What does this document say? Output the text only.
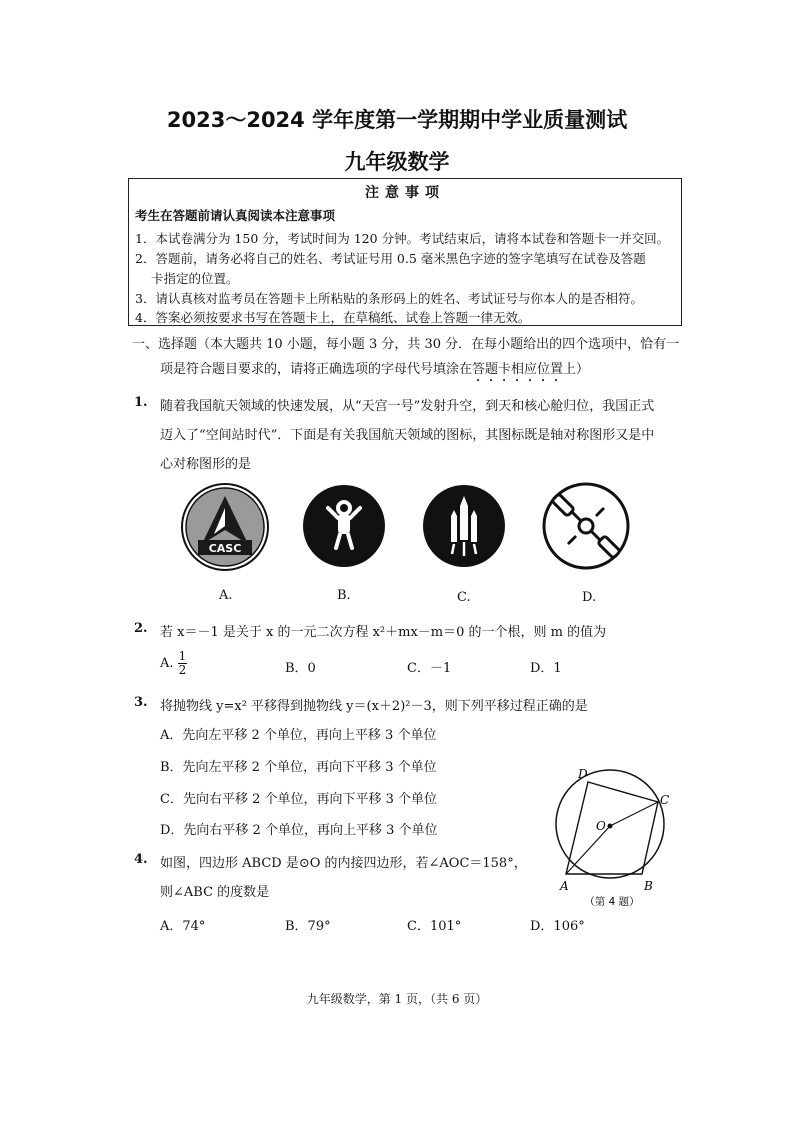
2023～2024 学年度第一学期期中学业质量测试
九年级数学
注意事项
考生在答题前请认真阅读本注意事项
1．本试卷满分为 150 分，考试时间为 120 分钟。考试结束后，请将本试卷和答题卡一并交回。
2．答题前，请务必将自己的姓名、考试证号用 0.5 毫米黑色字迹的签字笔填写在试卷及答题
卡指定的位置。
3．请认真核对监考员在答题卡上所粘贴的条形码上的姓名、考试证号与你本人的是否相符。
4．答案必须按要求书写在答题卡上，在草稿纸、试卷上答题一律无效。
一、选择题（本大题共 10 小题，每小题 3 分，共 30 分．在每小题给出的四个选项中，恰有一
项是符合题目要求的，请将正确选项的字母代号填涂在答题卡相应位置上）
1. 随着我国航天领域的快速发展，从“天宫一号”发射升空，到天和核心舱归位，我国正式
迈入了“空间站时代”．下面是有关我国航天领域的图标，其图标既是轴对称图形又是中
心对称图形的是
CASC
A.	B.	C.	D.
2. 若 x＝－1 是关于 x 的一元二次方程 x²＋mx－m＝0 的一个根，则 m 的值为
A. $\frac{1}{2}$	B．0	C．－1	D．1
3. 将抛物线 y=x² 平移得到抛物线 y＝(x＋2)²－3，则下列平移过程正确的是
A．先向左平移 2 个单位，再向上平移 3 个单位
B．先向左平移 2 个单位，再向下平移 3 个单位
C．先向右平移 2 个单位，再向下平移 3 个单位
D．先向右平移 2 个单位，再向上平移 3 个单位
4. 如图，四边形 ABCD 是⊙O 的内接四边形，若∠AOC＝158°，
则∠ABC 的度数是
A．74°	B．79°	C．101°	D．106°
D
C
O
A	B
（第 4 题）
九年级数学，第 1 页，（共 6 页）
